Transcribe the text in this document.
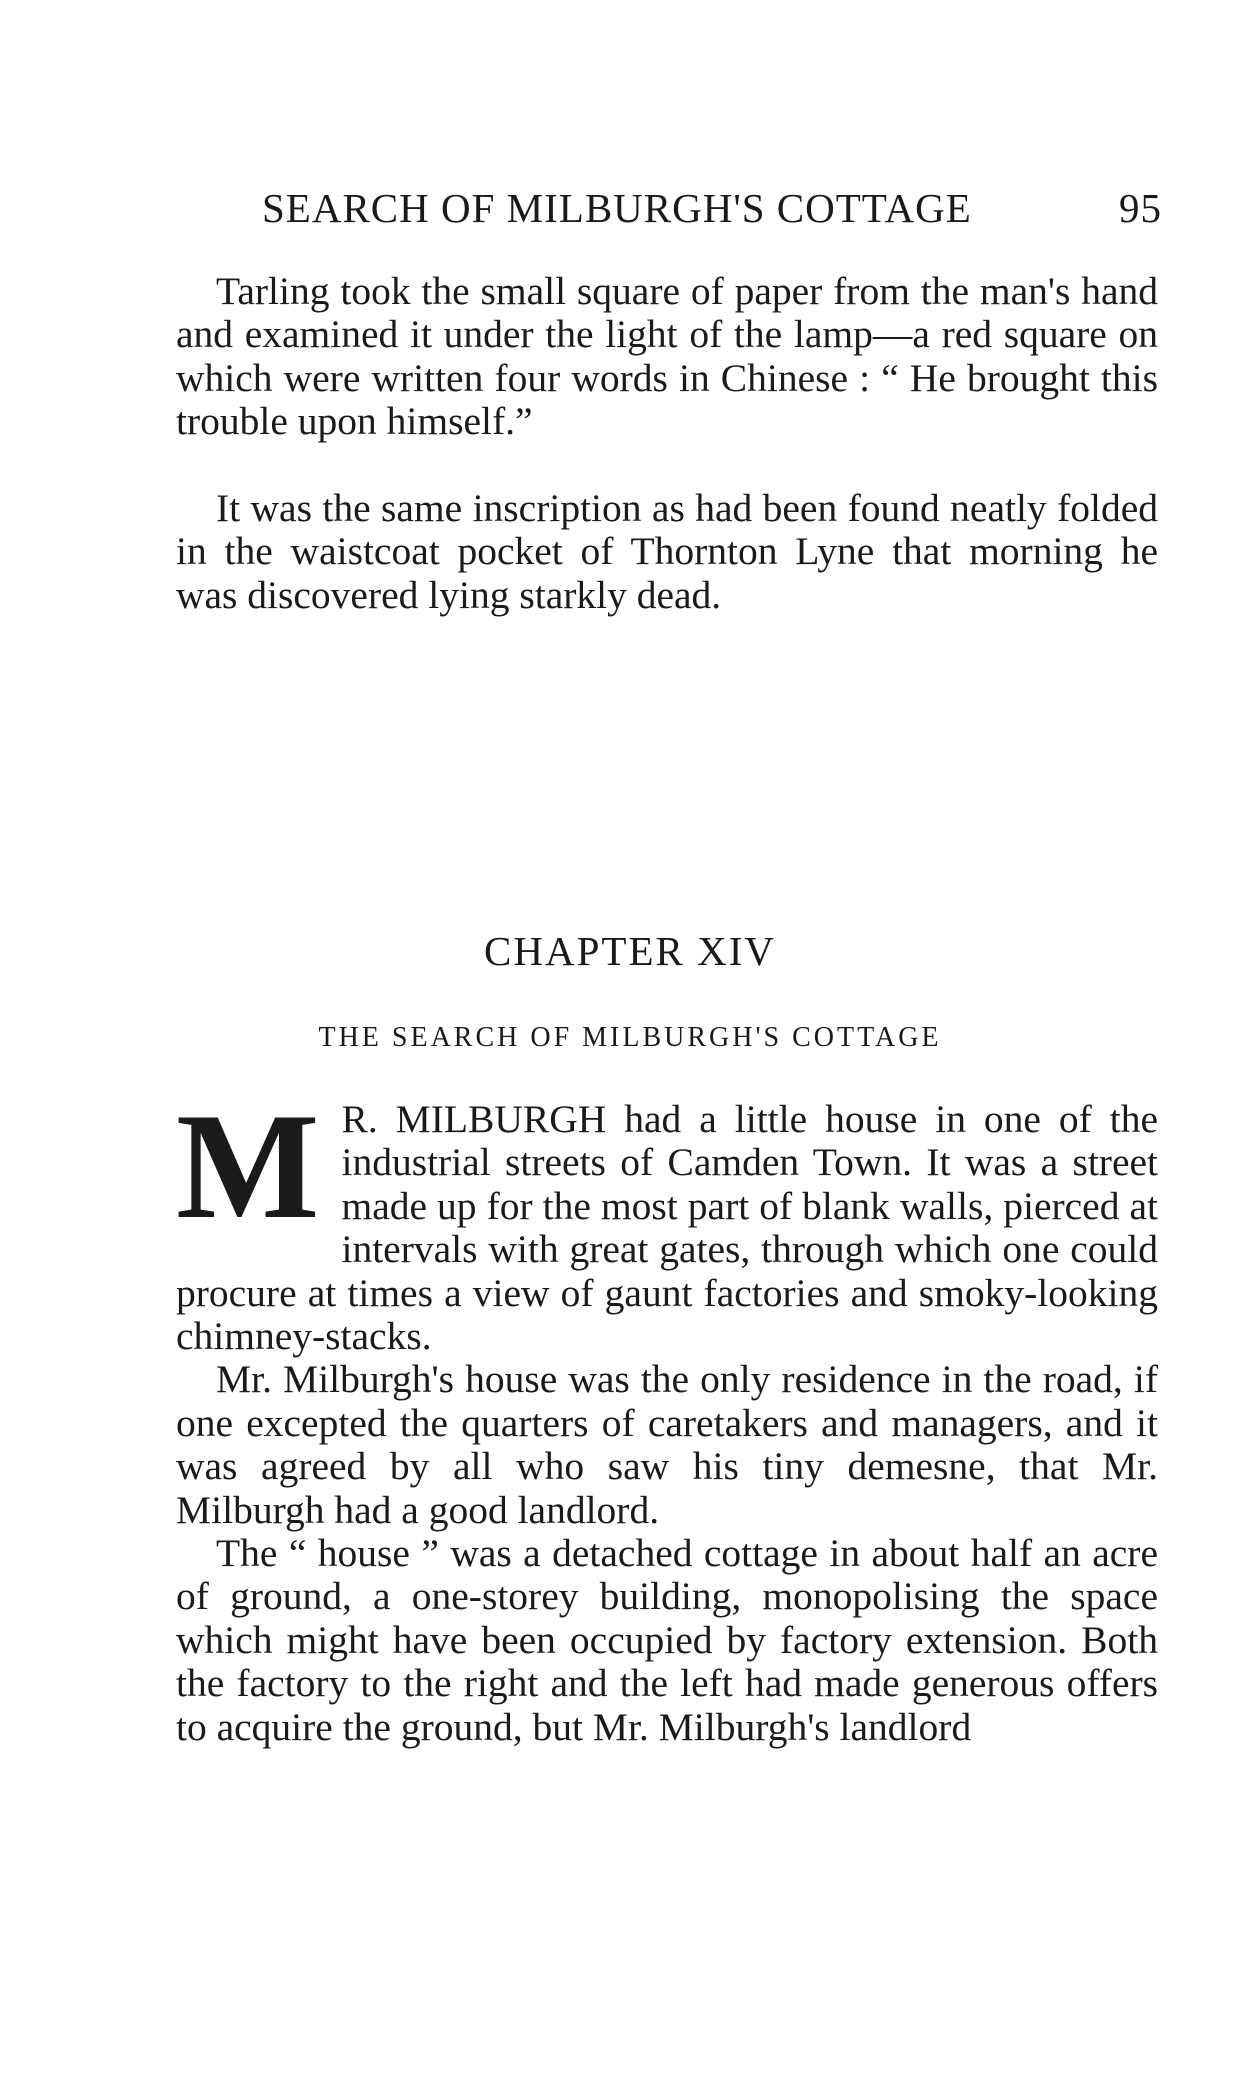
SEARCH OF MILBURGH'S COTTAGE	95

Tarling took the small square of paper from the man's hand and examined it under the light of the lamp—a red square on which were written four words in Chinese : “ He brought this trouble upon himself.”

It was the same inscription as had been found neatly folded in the waistcoat pocket of Thornton Lyne that morning he was discovered lying starkly dead.

CHAPTER XIV
THE SEARCH OF MILBURGH'S COTTAGE
M R. MILBURGH had a little house in one of the industrial streets of Camden Town. It was a street made up for the most part of blank walls, pierced at intervals with great gates, through which one could procure at times a view of gaunt factories and smoky-looking chimney-stacks.

Mr. Milburgh's house was the only residence in the road, if one excepted the quarters of caretakers and managers, and it was agreed by all who saw his tiny demesne, that Mr. Milburgh had a good landlord.

The “ house ” was a detached cottage in about half an acre of ground, a one-storey building, monopolising the space which might have been occupied by factory extension. Both the factory to the right and the left had made generous offers to acquire the ground, but Mr. Milburgh's landlord
